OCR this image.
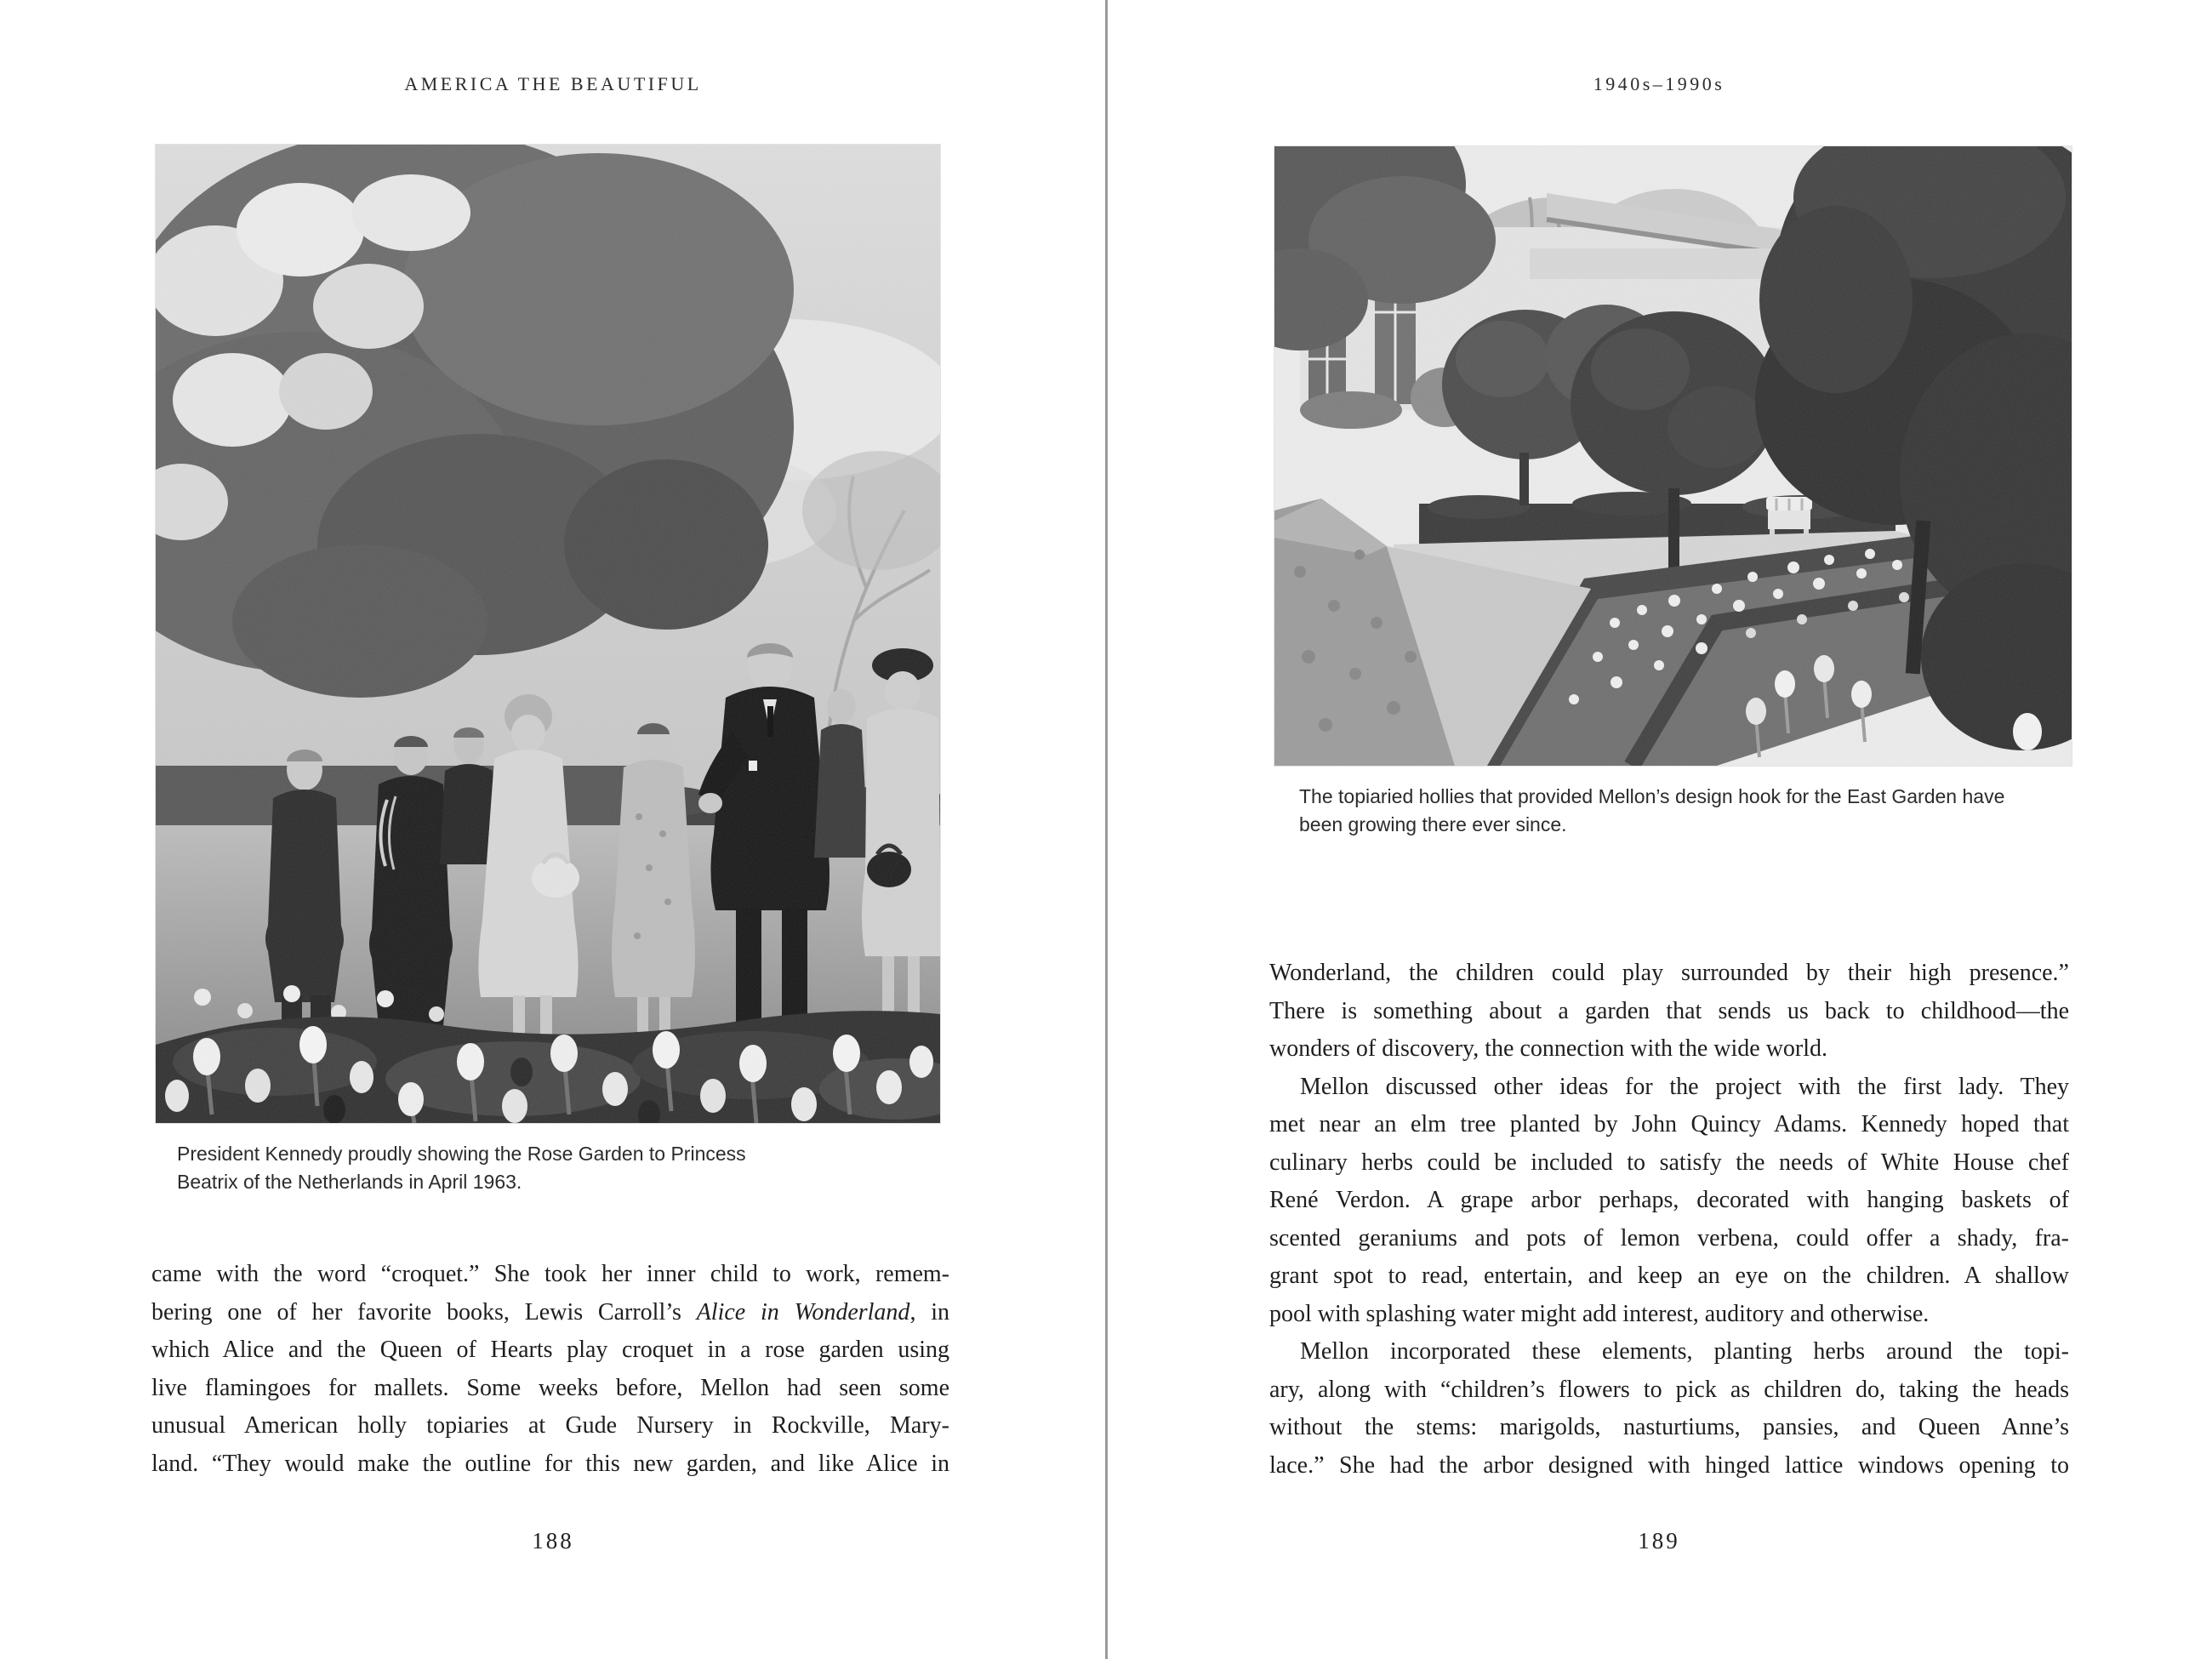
AMERICA THE BEAUTIFUL
President Kennedy proudly showing the Rose Garden to Princess
Beatrix of the Netherlands in April 1963.
came with the word “croquet.” She took her inner child to work, remem-
bering one of her favorite books, Lewis Carroll’s Alice in Wonderland, in
which Alice and the Queen of Hearts play croquet in a rose garden using
live flamingoes for mallets. Some weeks before, Mellon had seen some
unusual American holly topiaries at Gude Nursery in Rockville, Mary-
land. “They would make the outline for this new garden, and like Alice in
188
1940s–1990s
The topiaried hollies that provided Mellon’s design hook for the East Garden have
been growing there ever since.
Wonderland, the children could play surrounded by their high presence.”
There is something about a garden that sends us back to childhood—the
wonders of discovery, the connection with the wide world.
Mellon discussed other ideas for the project with the first lady. They
met near an elm tree planted by John Quincy Adams. Kennedy hoped that
culinary herbs could be included to satisfy the needs of White House chef
René Verdon. A grape arbor perhaps, decorated with hanging baskets of
scented geraniums and pots of lemon verbena, could offer a shady, fra-
grant spot to read, entertain, and keep an eye on the children. A shallow
pool with splashing water might add interest, auditory and otherwise.
Mellon incorporated these elements, planting herbs around the topi-
ary, along with “children’s flowers to pick as children do, taking the heads
without the stems: marigolds, nasturtiums, pansies, and Queen Anne’s
lace.” She had the arbor designed with hinged lattice windows opening to
189
